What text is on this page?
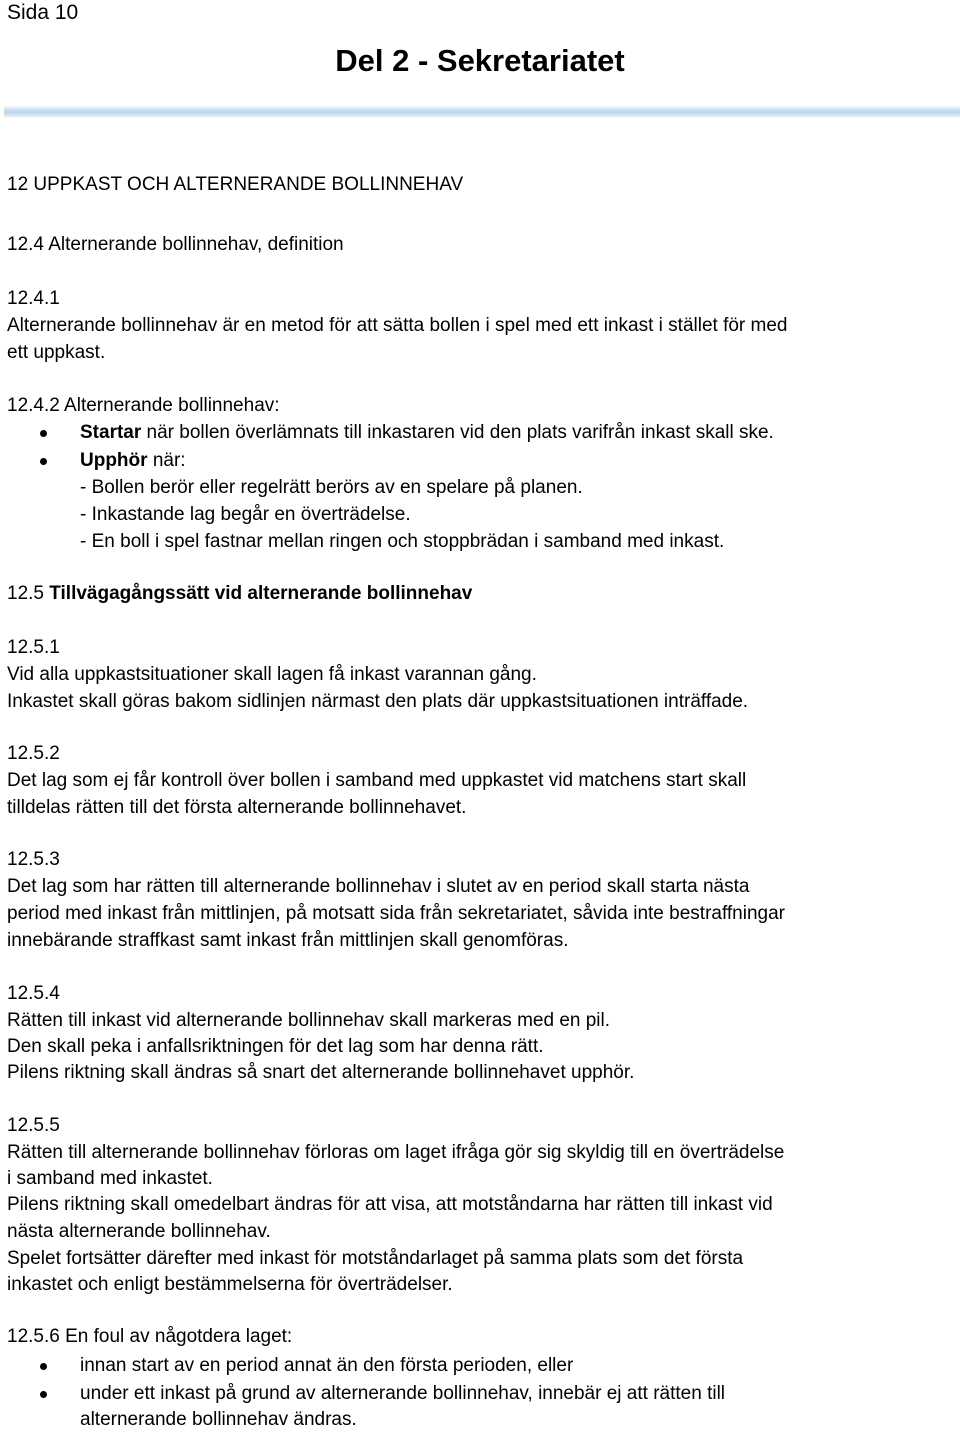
Sida 10
Del 2 - Sekretariatet
12 UPPKAST OCH ALTERNERANDE BOLLINNEHAV
12.4 Alternerande bollinnehav, definition
12.4.1
Alternerande bollinnehav är en metod för att sätta bollen i spel med ett inkast i stället för med
ett uppkast.
12.4.2 Alternerande bollinnehav:
Startar när bollen överlämnats till inkastaren vid den plats varifrån inkast skall ske.
Upphör när:
- Bollen berör eller regelrätt berörs av en spelare på planen.
- Inkastande lag begår en överträdelse.
- En boll i spel fastnar mellan ringen och stoppbrädan i samband med inkast.
12.5 Tillvägagångssätt vid alternerande bollinnehav
12.5.1
Vid alla uppkastsituationer skall lagen få inkast varannan gång.
Inkastet skall göras bakom sidlinjen närmast den plats där uppkastsituationen inträffade.
12.5.2
Det lag som ej får kontroll över bollen i samband med uppkastet vid matchens start skall
tilldelas rätten till det första alternerande bollinnehavet.
12.5.3
Det lag som har rätten till alternerande bollinnehav i slutet av en period skall starta nästa
period med inkast från mittlinjen, på motsatt sida från sekretariatet, såvida inte bestraffningar
innebärande straffkast samt inkast från mittlinjen skall genomföras.
12.5.4
Rätten till inkast vid alternerande bollinnehav skall markeras med en pil.
Den skall peka i anfallsriktningen för det lag som har denna rätt.
Pilens riktning skall ändras så snart det alternerande bollinnehavet upphör.
12.5.5
Rätten till alternerande bollinnehav förloras om laget ifråga gör sig skyldig till en överträdelse
i samband med inkastet.
Pilens riktning skall omedelbart ändras för att visa, att motståndarna har rätten till inkast vid
nästa alternerande bollinnehav.
Spelet fortsätter därefter med inkast för motståndarlaget på samma plats som det första
inkastet och enligt bestämmelserna för överträdelser.
12.5.6 En foul av någotdera laget:
innan start av en period annat än den första perioden, eller
under ett inkast på grund av alternerande bollinnehav, innebär ej att rätten till
alternerande bollinnehav ändras.
